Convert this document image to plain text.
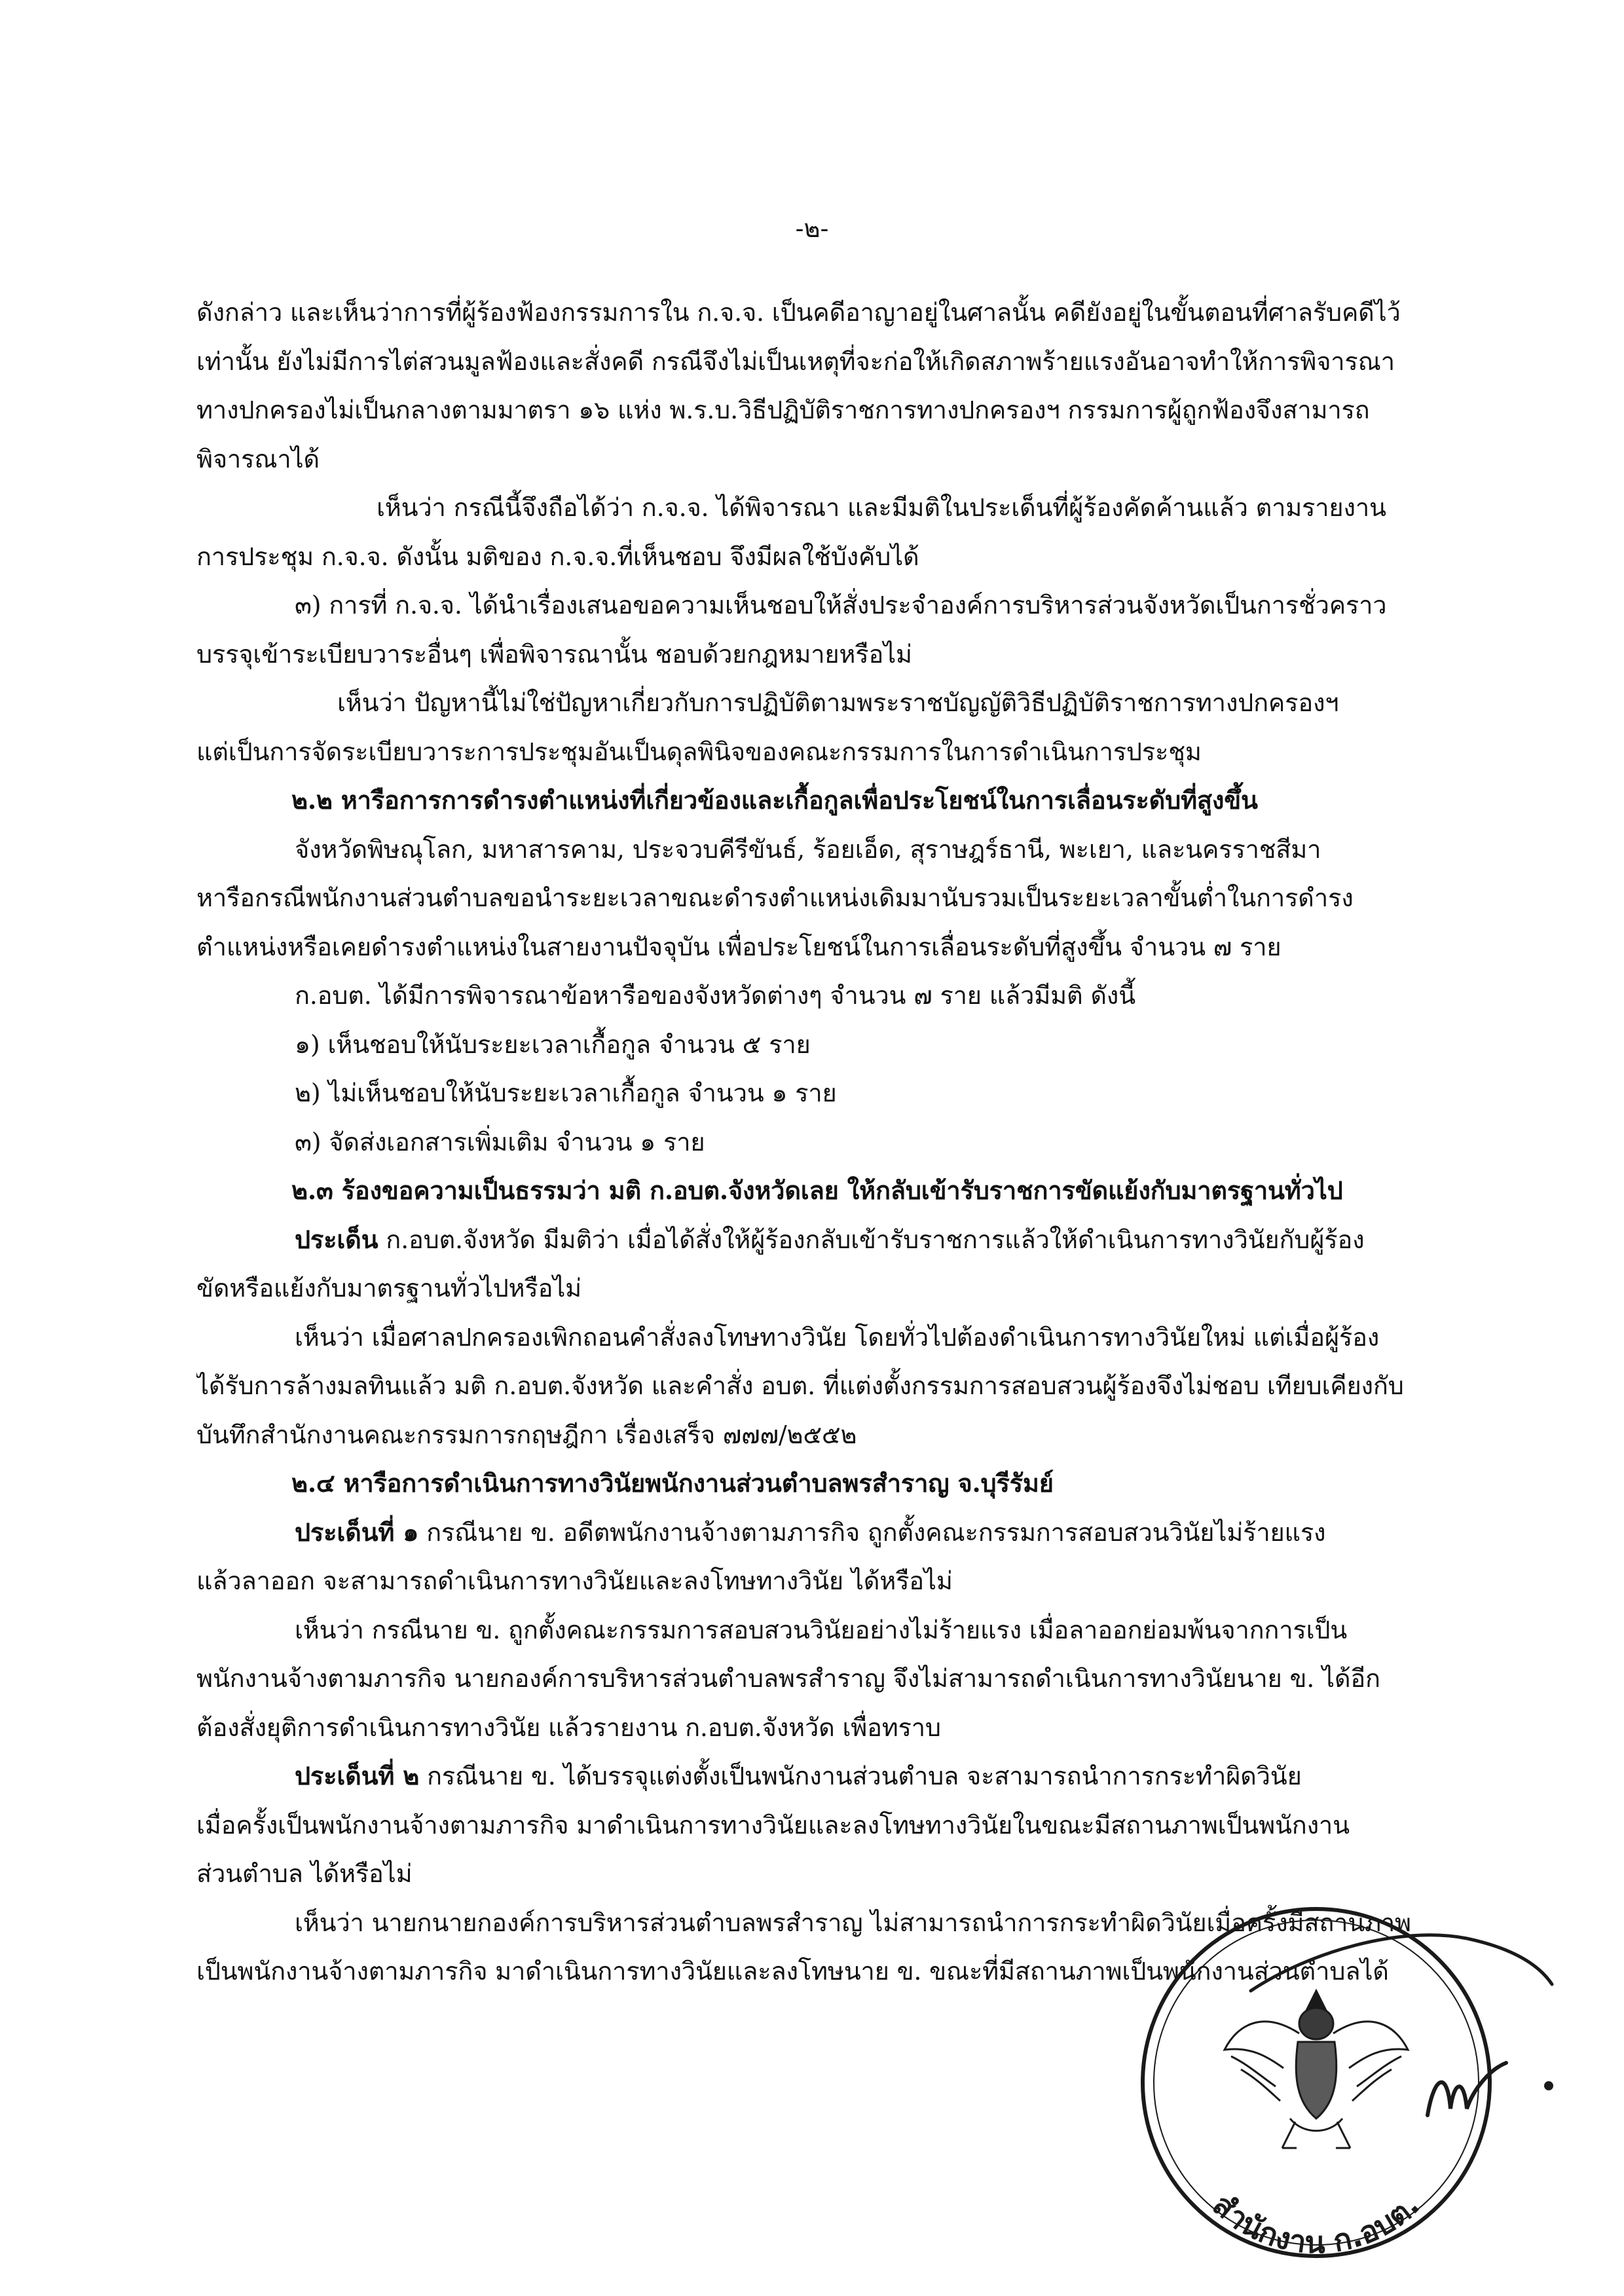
-๒-
ดังกล่าว และเห็นว่าการที่ผู้ร้องฟ้องกรรมการใน ก.จ.จ. เป็นคดีอาญาอยู่ในศาลนั้น คดียังอยู่ในขั้นตอนที่ศาลรับคดีไว้
เท่านั้น ยังไม่มีการไต่สวนมูลฟ้องและสั่งคดี กรณีจึงไม่เป็นเหตุที่จะก่อให้เกิดสภาพร้ายแรงอันอาจทำให้การพิจารณา
ทางปกครองไม่เป็นกลางตามมาตรา ๑๖ แห่ง พ.ร.บ.วิธีปฏิบัติราชการทางปกครองฯ กรรมการผู้ถูกฟ้องจึงสามารถ
พิจารณาได้
เห็นว่า กรณีนี้จึงถือได้ว่า ก.จ.จ. ได้พิจารณา และมีมติในประเด็นที่ผู้ร้องคัดค้านแล้ว ตามรายงาน
การประชุม ก.จ.จ. ดังนั้น มติของ ก.จ.จ.ที่เห็นชอบ จึงมีผลใช้บังคับได้
๓) การที่ ก.จ.จ. ได้นำเรื่องเสนอขอความเห็นชอบให้สั่งประจำองค์การบริหารส่วนจังหวัดเป็นการชั่วคราว
บรรจุเข้าระเบียบวาระอื่นๆ เพื่อพิจารณานั้น ชอบด้วยกฎหมายหรือไม่
เห็นว่า ปัญหานี้ไม่ใช่ปัญหาเกี่ยวกับการปฏิบัติตามพระราชบัญญัติวิธีปฏิบัติราชการทางปกครองฯ
แต่เป็นการจัดระเบียบวาระการประชุมอันเป็นดุลพินิจของคณะกรรมการในการดำเนินการประชุม
๒.๒ หารือการการดำรงตำแหน่งที่เกี่ยวข้องและเกื้อกูลเพื่อประโยชน์ในการเลื่อนระดับที่สูงขึ้น
จังหวัดพิษณุโลก, มหาสารคาม, ประจวบคีรีขันธ์, ร้อยเอ็ด, สุราษฎร์ธานี, พะเยา, และนครราชสีมา
หารือกรณีพนักงานส่วนตำบลขอนำระยะเวลาขณะดำรงตำแหน่งเดิมมานับรวมเป็นระยะเวลาขั้นต่ำในการดำรง
ตำแหน่งหรือเคยดำรงตำแหน่งในสายงานปัจจุบัน เพื่อประโยชน์ในการเลื่อนระดับที่สูงขึ้น จำนวน ๗ ราย
ก.อบต. ได้มีการพิจารณาข้อหารือของจังหวัดต่างๆ จำนวน ๗ ราย แล้วมีมติ ดังนี้
๑) เห็นชอบให้นับระยะเวลาเกื้อกูล จำนวน ๕ ราย
๒) ไม่เห็นชอบให้นับระยะเวลาเกื้อกูล จำนวน ๑ ราย
๓) จัดส่งเอกสารเพิ่มเติม จำนวน ๑ ราย
๒.๓ ร้องขอความเป็นธรรมว่า มติ ก.อบต.จังหวัดเลย ให้กลับเข้ารับราชการขัดแย้งกับมาตรฐานทั่วไป
ประเด็น ก.อบต.จังหวัด มีมติว่า เมื่อได้สั่งให้ผู้ร้องกลับเข้ารับราชการแล้วให้ดำเนินการทางวินัยกับผู้ร้อง
ขัดหรือแย้งกับมาตรฐานทั่วไปหรือไม่
เห็นว่า เมื่อศาลปกครองเพิกถอนคำสั่งลงโทษทางวินัย โดยทั่วไปต้องดำเนินการทางวินัยใหม่ แต่เมื่อผู้ร้อง
ได้รับการล้างมลทินแล้ว มติ ก.อบต.จังหวัด และคำสั่ง อบต. ที่แต่งตั้งกรรมการสอบสวนผู้ร้องจึงไม่ชอบ เทียบเคียงกับ
บันทึกสำนักงานคณะกรรมการกฤษฎีกา เรื่องเสร็จ ๗๗๗/๒๕๕๒
๒.๔ หารือการดำเนินการทางวินัยพนักงานส่วนตำบลพรสำราญ จ.บุรีรัมย์
ประเด็นที่ ๑ กรณีนาย ข. อดีตพนักงานจ้างตามภารกิจ ถูกตั้งคณะกรรมการสอบสวนวินัยไม่ร้ายแรง
แล้วลาออก จะสามารถดำเนินการทางวินัยและลงโทษทางวินัย ได้หรือไม่
เห็นว่า กรณีนาย ข. ถูกตั้งคณะกรรมการสอบสวนวินัยอย่างไม่ร้ายแรง เมื่อลาออกย่อมพ้นจากการเป็น
พนักงานจ้างตามภารกิจ นายกองค์การบริหารส่วนตำบลพรสำราญ จึงไม่สามารถดำเนินการทางวินัยนาย ข. ได้อีก
ต้องสั่งยุติการดำเนินการทางวินัย แล้วรายงาน ก.อบต.จังหวัด เพื่อทราบ
ประเด็นที่ ๒ กรณีนาย ข. ได้บรรจุแต่งตั้งเป็นพนักงานส่วนตำบล จะสามารถนำการกระทำผิดวินัย
เมื่อครั้งเป็นพนักงานจ้างตามภารกิจ มาดำเนินการทางวินัยและลงโทษทางวินัยในขณะมีสถานภาพเป็นพนักงาน
ส่วนตำบล ได้หรือไม่
เห็นว่า นายกนายกองค์การบริหารส่วนตำบลพรสำราญ ไม่สามารถนำการกระทำผิดวินัยเมื่อครั้งมีสถานภาพ
เป็นพนักงานจ้างตามภารกิจ มาดำเนินการทางวินัยและลงโทษนาย ข. ขณะที่มีสถานภาพเป็นพนักงานส่วนตำบลได้
สำนักงาน ก.อบต.
